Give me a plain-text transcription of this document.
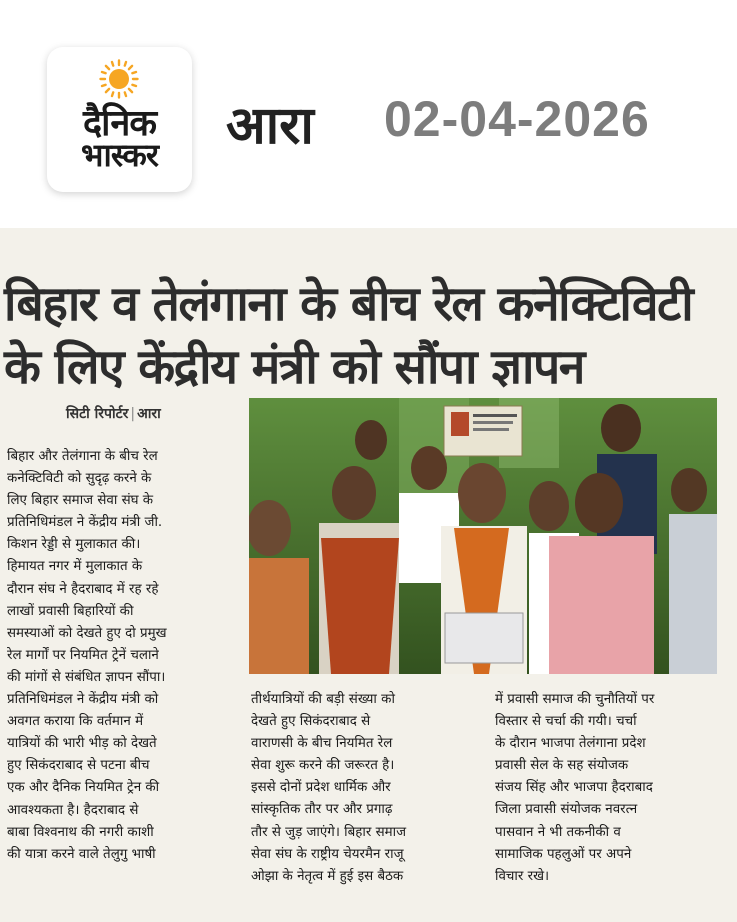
दैनिक
भास्कर	आरा 02-04-2026
बिहार व तेलंगाना के बीच रेल कनेक्टिविटी
के लिए केंद्रीय मंत्री को सौंपा ज्ञापन
सिटी रिपोर्टर | आरा

बिहार और तेलंगाना के बीच रेल

कनेक्टिविटी को सुदृढ़ करने के

लिए बिहार समाज सेवा संघ के

प्रतिनिधिमंडल ने केंद्रीय मंत्री जी.

किशन रेड्डी से मुलाकात की।

हिमायत नगर में मुलाकात के

दौरान संघ ने हैदराबाद में रह रहे

लाखों प्रवासी बिहारियों की

समस्याओं को देखते हुए दो प्रमुख

रेल मार्गों पर नियमित ट्रेनें चलाने

की मांगों से संबंधित ज्ञापन सौंपा।

प्रतिनिधिमंडल ने केंद्रीय मंत्री को

अवगत कराया कि वर्तमान में

यात्रियों की भारी भीड़ को देखते

हुए सिकंदराबाद से पटना बीच

एक और दैनिक नियमित ट्रेन की

आवश्यकता है। हैदराबाद से

बाबा विश्वनाथ की नगरी काशी

की यात्रा करने वाले तेलुगु भाषी

तीर्थयात्रियों की बड़ी संख्या को

देखते हुए सिकंदराबाद से

वाराणसी के बीच नियमित रेल

सेवा शुरू करने की जरूरत है।

इससे दोनों प्रदेश धार्मिक और

सांस्कृतिक तौर पर और प्रगाढ़

तौर से जुड़ जाएंगे। बिहार समाज

सेवा संघ के राष्ट्रीय चेयरमैन राजू

ओझा के नेतृत्व में हुई इस बैठक

में प्रवासी समाज की चुनौतियों पर

विस्तार से चर्चा की गयी। चर्चा

के दौरान भाजपा तेलंगाना प्रदेश

प्रवासी सेल के सह संयोजक

संजय सिंह और भाजपा हैदराबाद

जिला प्रवासी संयोजक नवरत्न

पासवान ने भी तकनीकी व

सामाजिक पहलुओं पर अपने

विचार रखे।
